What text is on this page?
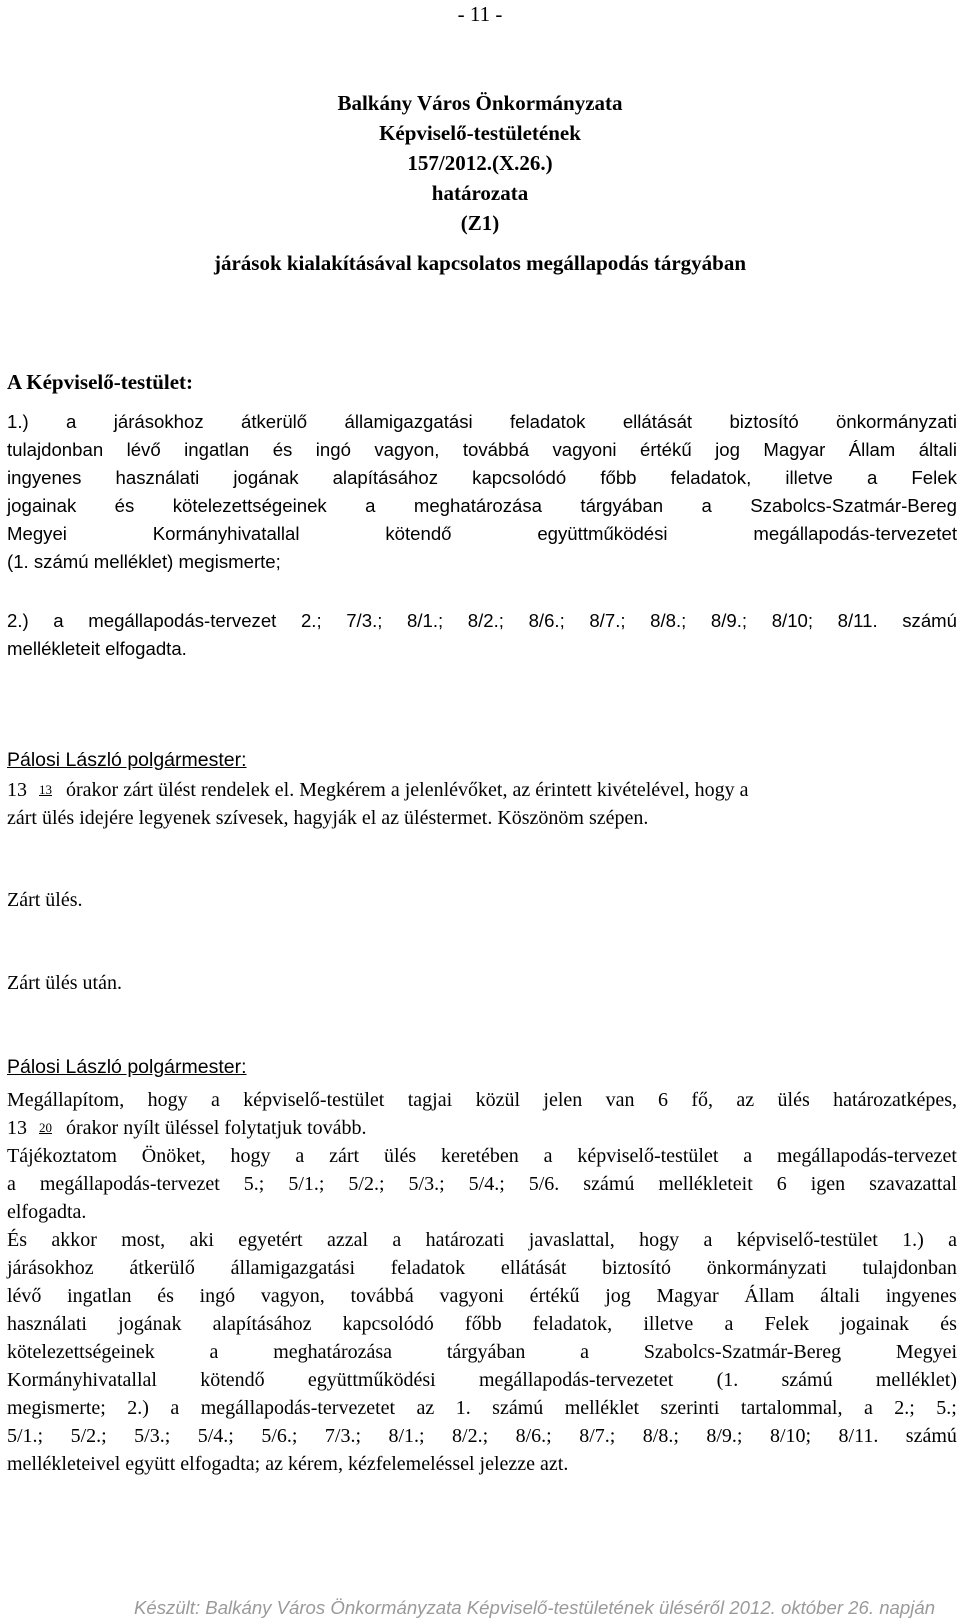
- 11 -
Balkány Város Önkormányzata
Képviselő-testületének
157/2012.(X.26.)
határozata
(Z1)
járások kialakításával kapcsolatos megállapodás tárgyában
A Képviselő-testület:
1.) a járásokhoz átkerülő államigazgatási feladatok ellátását biztosító önkormányzati
tulajdonban lévő ingatlan és ingó vagyon, továbbá vagyoni értékű jog Magyar Állam általi
ingyenes használati jogának alapításához kapcsolódó főbb feladatok, illetve a Felek
jogainak és kötelezettségeinek a meghatározása tárgyában a Szabolcs-Szatmár-Bereg
Megyei	Kormányhivatallal	kötendő	együttműködési	megállapodás-tervezetet
(1. számú melléklet) megismerte;
2.) a megállapodás-tervezet 2.; 7/3.; 8/1.; 8/2.; 8/6.; 8/7.; 8/8.; 8/9.; 8/10; 8/11. számú
mellékleteit elfogadta.
Pálosi László polgármester:
13 13 órakor zárt ülést rendelek el. Megkérem a jelenlévőket, az érintett kivételével, hogy a
zárt ülés idejére legyenek szívesek, hagyják el az üléstermet. Köszönöm szépen.
Zárt ülés.
Zárt ülés után.
Pálosi László polgármester:
Megállapítom, hogy a képviselő-testület tagjai közül jelen van 6 fő, az ülés határozatképes,
13 20 órakor nyílt üléssel folytatjuk tovább.
Tájékoztatom Önöket, hogy a zárt ülés keretében a képviselő-testület a megállapodás-tervezet
a megállapodás-tervezet 5.; 5/1.; 5/2.; 5/3.; 5/4.; 5/6. számú mellékleteit 6 igen szavazattal
elfogadta.
És akkor most, aki egyetért azzal a határozati javaslattal, hogy a képviselő-testület 1.) a
járásokhoz átkerülő államigazgatási feladatok ellátását biztosító önkormányzati tulajdonban
lévő ingatlan és ingó vagyon, továbbá vagyoni értékű jog Magyar Állam általi ingyenes
használati jogának alapításához kapcsolódó főbb feladatok, illetve a Felek jogainak és
kötelezettségeinek	a	meghatározása	tárgyában	a	Szabolcs-Szatmár-Bereg	Megyei
Kormányhivatallal kötendő együttműködési megállapodás-tervezetet (1. számú melléklet)
megismerte; 2.) a megállapodás-tervezetet az 1. számú melléklet szerinti tartalommal, a 2.; 5.;
5/1.; 5/2.; 5/3.; 5/4.; 5/6.; 7/3.; 8/1.; 8/2.; 8/6.; 8/7.; 8/8.; 8/9.; 8/10; 8/11. számú
mellékleteivel együtt elfogadta; az kérem, kézfelemeléssel jelezze azt.
Készült: Balkány Város Önkormányzata Képviselő-testületének üléséről 2012. október 26. napján
